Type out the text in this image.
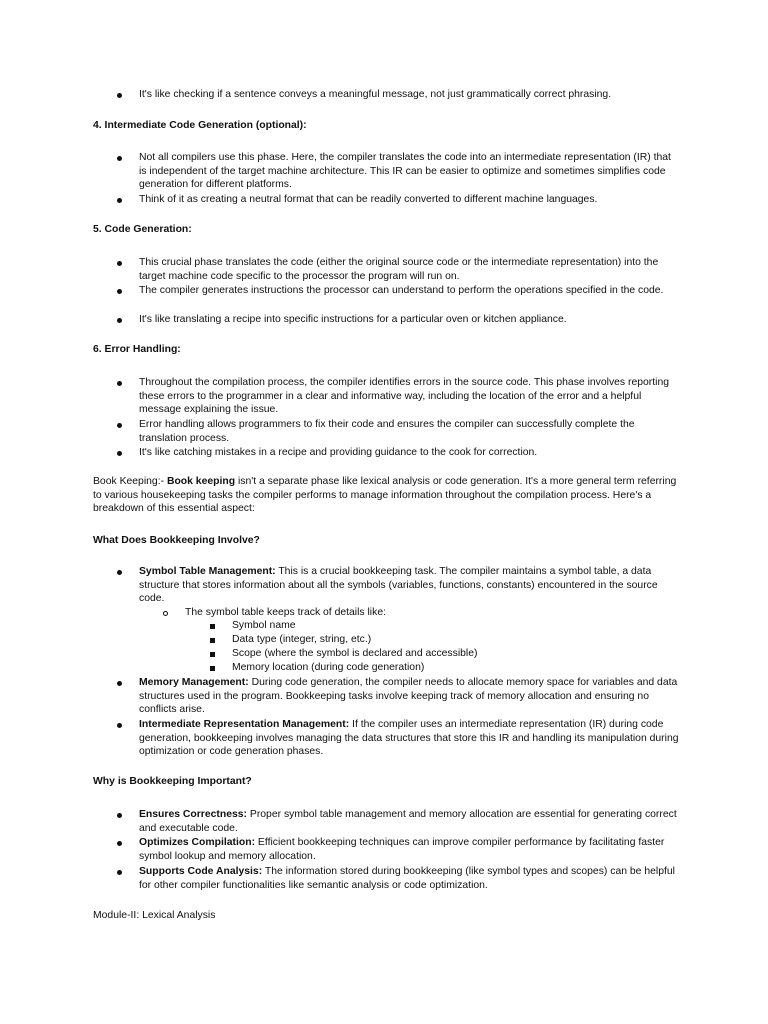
It's like checking if a sentence conveys a meaningful message, not just grammatically correct phrasing.
4. Intermediate Code Generation (optional):
Not all compilers use this phase. Here, the compiler translates the code into an intermediate representation (IR) that is independent of the target machine architecture. This IR can be easier to optimize and sometimes simplifies code generation for different platforms.
Think of it as creating a neutral format that can be readily converted to different machine languages.
5. Code Generation:
This crucial phase translates the code (either the original source code or the intermediate representation) into the target machine code specific to the processor the program will run on.
The compiler generates instructions the processor can understand to perform the operations specified in the code.
It's like translating a recipe into specific instructions for a particular oven or kitchen appliance.
6. Error Handling:
Throughout the compilation process, the compiler identifies errors in the source code. This phase involves reporting these errors to the programmer in a clear and informative way, including the location of the error and a helpful message explaining the issue.
Error handling allows programmers to fix their code and ensures the compiler can successfully complete the translation process.
It's like catching mistakes in a recipe and providing guidance to the cook for correction.
Book Keeping:- Book keeping isn't a separate phase like lexical analysis or code generation. It's a more general term referring to various housekeeping tasks the compiler performs to manage information throughout the compilation process. Here's a breakdown of this essential aspect:
What Does Bookkeeping Involve?
Symbol Table Management: This is a crucial bookkeeping task. The compiler maintains a symbol table, a data structure that stores information about all the symbols (variables, functions, constants) encountered in the source code.
The symbol table keeps track of details like:
Symbol name
Data type (integer, string, etc.)
Scope (where the symbol is declared and accessible)
Memory location (during code generation)
Memory Management: During code generation, the compiler needs to allocate memory space for variables and data structures used in the program. Bookkeeping tasks involve keeping track of memory allocation and ensuring no conflicts arise.
Intermediate Representation Management: If the compiler uses an intermediate representation (IR) during code generation, bookkeeping involves managing the data structures that store this IR and handling its manipulation during optimization or code generation phases.
Why is Bookkeeping Important?
Ensures Correctness: Proper symbol table management and memory allocation are essential for generating correct and executable code.
Optimizes Compilation: Efficient bookkeeping techniques can improve compiler performance by facilitating faster symbol lookup and memory allocation.
Supports Code Analysis: The information stored during bookkeeping (like symbol types and scopes) can be helpful for other compiler functionalities like semantic analysis or code optimization.
Module-II: Lexical Analysis
